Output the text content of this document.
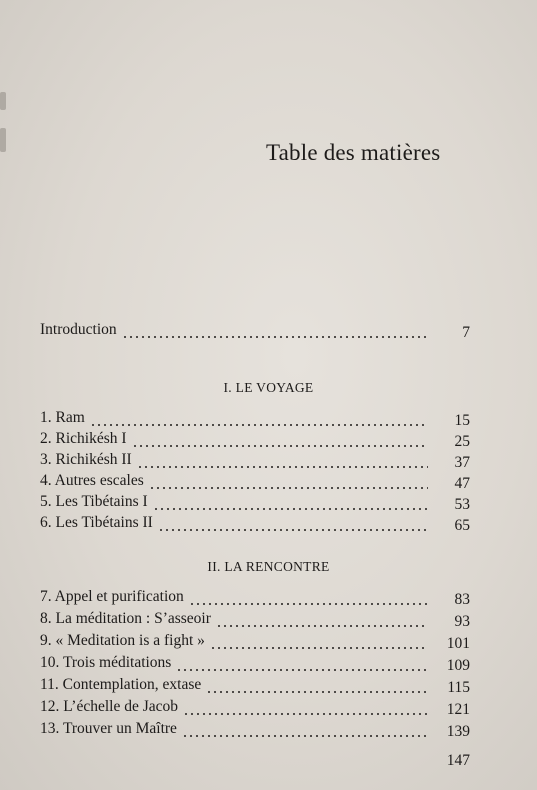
Table des matières
Introduction	7
I. LE VOYAGE
1. Ram	15
2. Richikésh I	25
3. Richikésh II	37
4. Autres escales	47
5. Les Tibétains I	53
6. Les Tibétains II	65
II. LA RENCONTRE
7. Appel et purification	83
8. La méditation : S’asseoir	93
9. « Meditation is a fight »	101
10. Trois méditations	109
11. Contemplation, extase	115
12. L’échelle de Jacob	121
13. Trouver un Maître	139
147
